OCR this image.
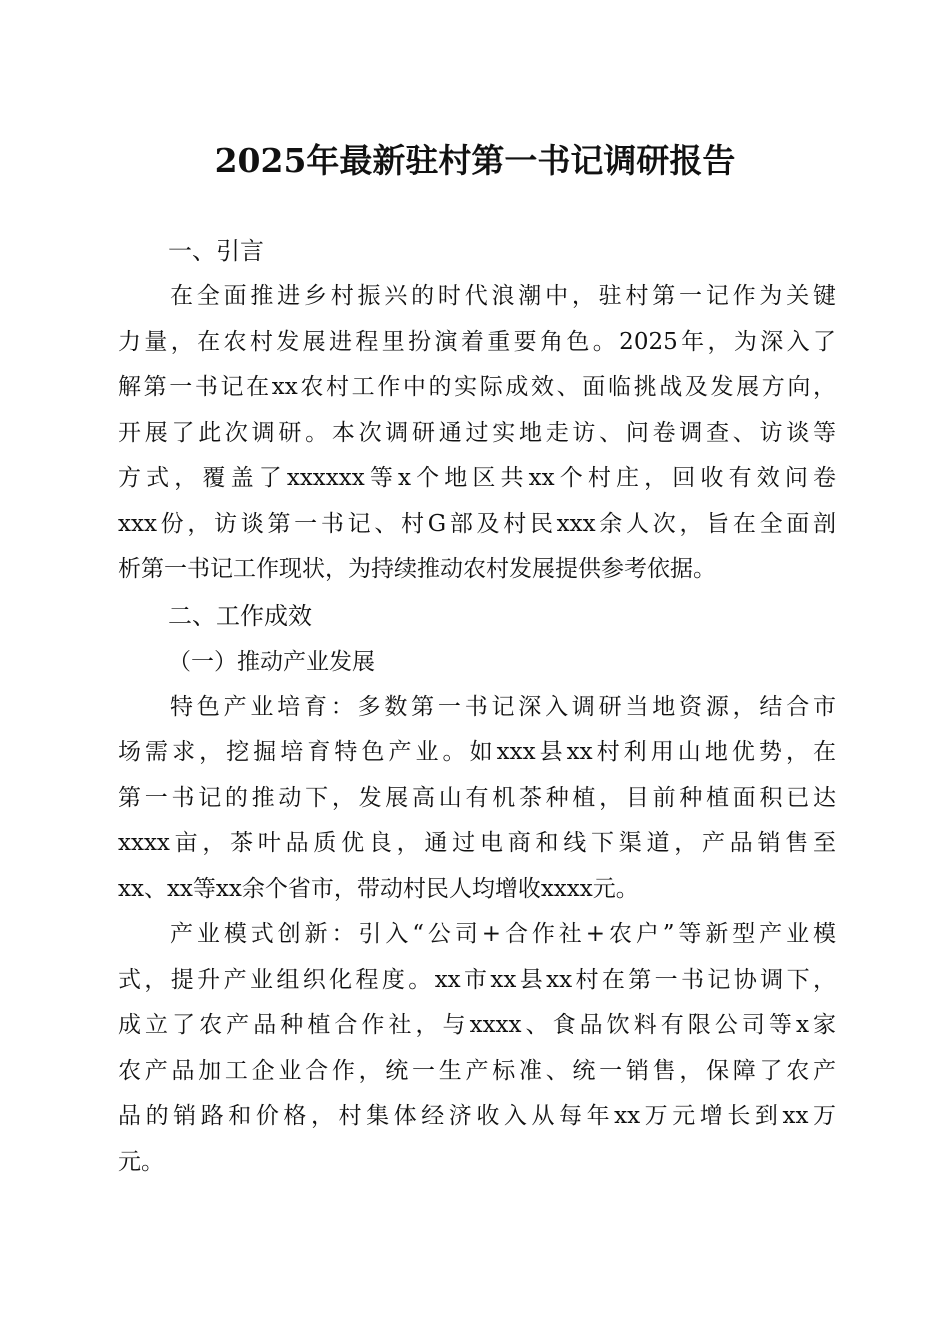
2025年最新驻村第一书记调研报告
一、引言
在全面推进乡村振兴的时代浪潮中，驻村第一记作为关键
力量，在农村发展进程里扮演着重要角色。2025年，为深入了
解第一书记在xx农村工作中的实际成效、面临挑战及发展方向，
开展了此次调研。本次调研通过实地走访、问卷调查、访谈等
方式，覆盖了xxxxxx等x个地区共xx个村庄，回收有效问卷
xxx份，访谈第一书记、村G部及村民xxx余人次，旨在全面剖
析第一书记工作现状，为持续推动农村发展提供参考依据。
二、工作成效
（一）推动产业发展
特色产业培育：多数第一书记深入调研当地资源，结合市
场需求，挖掘培育特色产业。如xxx县xx村利用山地优势，在
第一书记的推动下，发展高山有机茶种植，目前种植面积已达
xxxx亩，茶叶品质优良，通过电商和线下渠道，产品销售至
xx、xx等xx余个省市，带动村民人均增收xxxx元。
产业模式创新：引入“公司+合作社+农户”等新型产业模
式，提升产业组织化程度。xx市xx县xx村在第一书记协调下，
成立了农产品种植合作社，与xxxx、食品饮料有限公司等x家
农产品加工企业合作，统一生产标准、统一销售，保障了农产
品的销路和价格，村集体经济收入从每年xx万元增长到xx万
元。
